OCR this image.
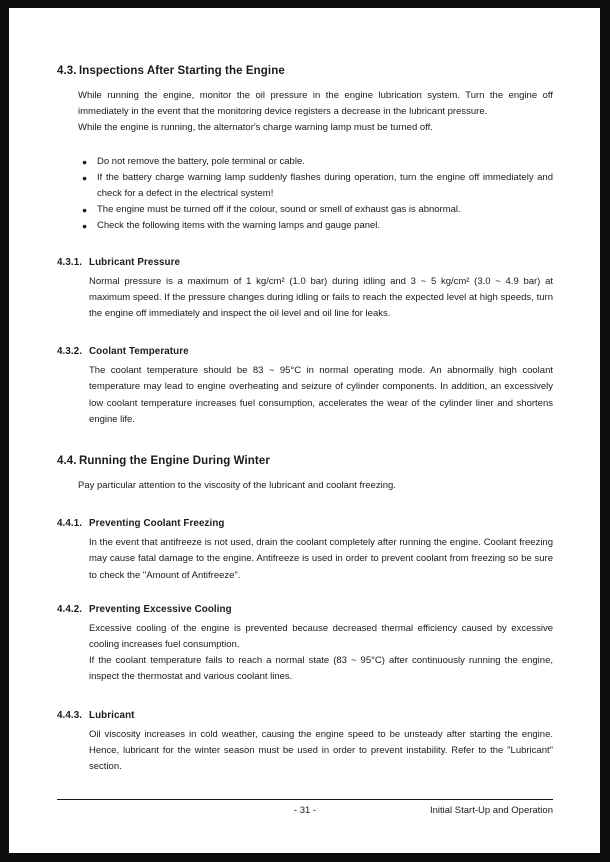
4.3. Inspections After Starting the Engine
While running the engine, monitor the oil pressure in the engine lubrication system. Turn the engine off immediately in the event that the monitoring device registers a decrease in the lubricant pressure.
While the engine is running, the alternator's charge warning lamp must be turned off.
●	Do not remove the battery, pole terminal or cable.
●	If the battery charge warning lamp suddenly flashes during operation, turn the engine off immediately and check for a defect in the electrical system!
●	The engine must be turned off if the colour, sound or smell of exhaust gas is abnormal.
●	Check the following items with the warning lamps and gauge panel.
4.3.1. Lubricant Pressure
Normal pressure is a maximum of 1 kg/cm² (1.0 bar) during idling and 3 ~ 5 kg/cm² (3.0 ~ 4.9 bar) at maximum speed. If the pressure changes during idling or fails to reach the expected level at high speeds, turn the engine off immediately and inspect the oil level and oil line for leaks.
4.3.2. Coolant Temperature
The coolant temperature should be 83 ~ 95°C in normal operating mode. An abnormally high coolant temperature may lead to engine overheating and seizure of cylinder components. In addition, an excessively low coolant temperature increases fuel consumption, accelerates the wear of the cylinder liner and shortens engine life.
4.4. Running the Engine During Winter
Pay particular attention to the viscosity of the lubricant and coolant freezing.
4.4.1. Preventing Coolant Freezing
In the event that antifreeze is not used, drain the coolant completely after running the engine. Coolant freezing may cause fatal damage to the engine. Antifreeze is used in order to prevent coolant from freezing so be sure to check the "Amount of Antifreeze".
4.4.2. Preventing Excessive Cooling
Excessive cooling of the engine is prevented because decreased thermal efficiency caused by excessive cooling increases fuel consumption.
If the coolant temperature fails to reach a normal state (83 ~ 95°C) after continuously running the engine, inspect the thermostat and various coolant lines.
4.4.3. Lubricant
Oil viscosity increases in cold weather, causing the engine speed to be unsteady after starting the engine. Hence, lubricant for the winter season must be used in order to prevent instability. Refer to the "Lubricant" section.
- 31 -	Initial Start-Up and Operation
